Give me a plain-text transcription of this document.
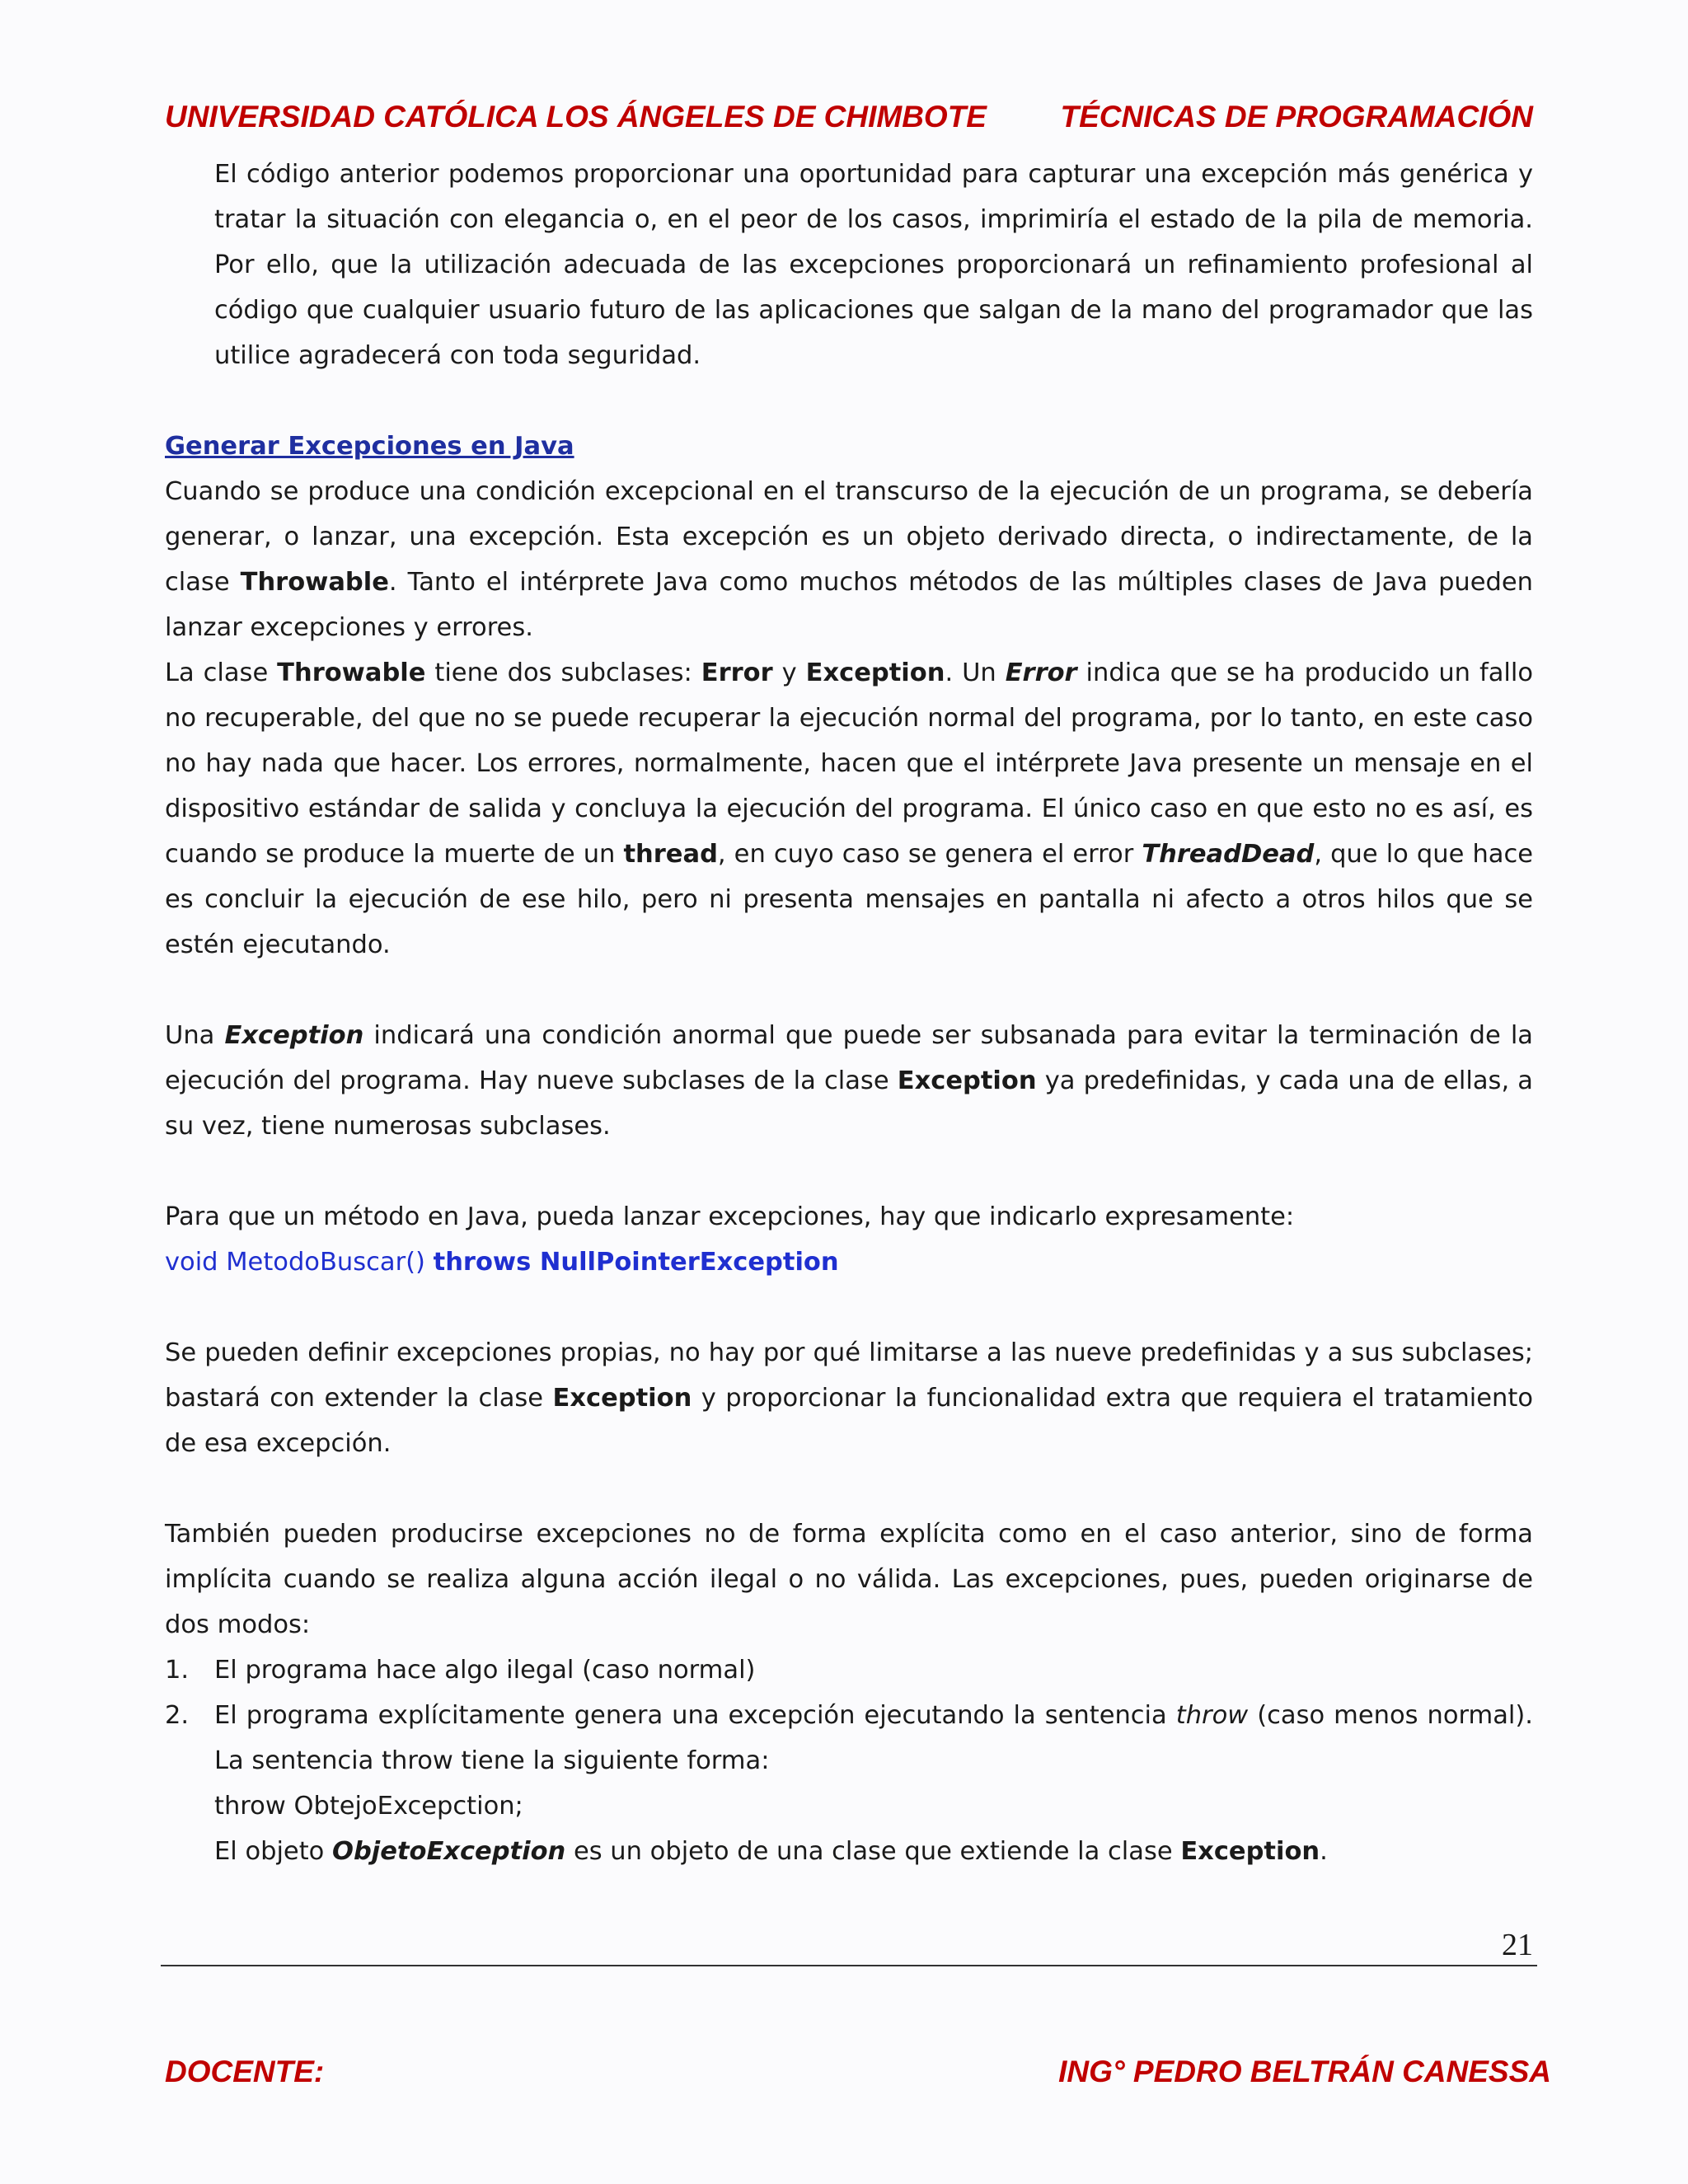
UNIVERSIDAD CATÓLICA LOS ÁNGELES DE CHIMBOTE TÉCNICAS DE PROGRAMACIÓN

El código anterior podemos proporcionar una oportunidad para capturar una excepción más genérica y tratar la situación con elegancia o, en el peor de los casos, imprimiría el estado de la pila de memoria. Por ello, que la utilización adecuada de las excepciones proporcionará un refinamiento profesional al código que cualquier usuario futuro de las aplicaciones que salgan de la mano del programador que las utilice agradecerá con toda seguridad.

Generar Excepciones en Java

Cuando se produce una condición excepcional en el transcurso de la ejecución de un programa, se debería generar, o lanzar, una excepción. Esta excepción es un objeto derivado directa, o indirectamente, de la clase Throwable. Tanto el intérprete Java como muchos métodos de las múltiples clases de Java pueden lanzar excepciones y errores.

La clase Throwable tiene dos subclases: Error y Exception. Un Error indica que se ha producido un fallo no recuperable, del que no se puede recuperar la ejecución normal del programa, por lo tanto, en este caso no hay nada que hacer. Los errores, normalmente, hacen que el intérprete Java presente un mensaje en el dispositivo estándar de salida y concluya la ejecución del programa. El único caso en que esto no es así, es cuando se produce la muerte de un thread, en cuyo caso se genera el error ThreadDead, que lo que hace es concluir la ejecución de ese hilo, pero ni presenta mensajes en pantalla ni afecto a otros hilos que se estén ejecutando.

Una Exception indicará una condición anormal que puede ser subsanada para evitar la terminación de la ejecución del programa. Hay nueve subclases de la clase Exception ya predefinidas, y cada una de ellas, a su vez, tiene numerosas subclases.

Para que un método en Java, pueda lanzar excepciones, hay que indicarlo expresamente:

void MetodoBuscar() throws NullPointerException

Se pueden definir excepciones propias, no hay por qué limitarse a las nueve predefinidas y a sus subclases; bastará con extender la clase Exception y proporcionar la funcionalidad extra que requiera el tratamiento de esa excepción.

También pueden producirse excepciones no de forma explícita como en el caso anterior, sino de forma implícita cuando se realiza alguna acción ilegal o no válida. Las excepciones, pues, pueden originarse de dos modos:

1.	El programa hace algo ilegal (caso normal)
2.	El programa explícitamente genera una excepción ejecutando la sentencia throw (caso menos normal). La sentencia throw tiene la siguiente forma:

throw ObtejoExcepction;

El objeto ObjetoException es un objeto de una clase que extiende la clase Exception.

21
DOCENTE:	ING° PEDRO BELTRÁN CANESSA
